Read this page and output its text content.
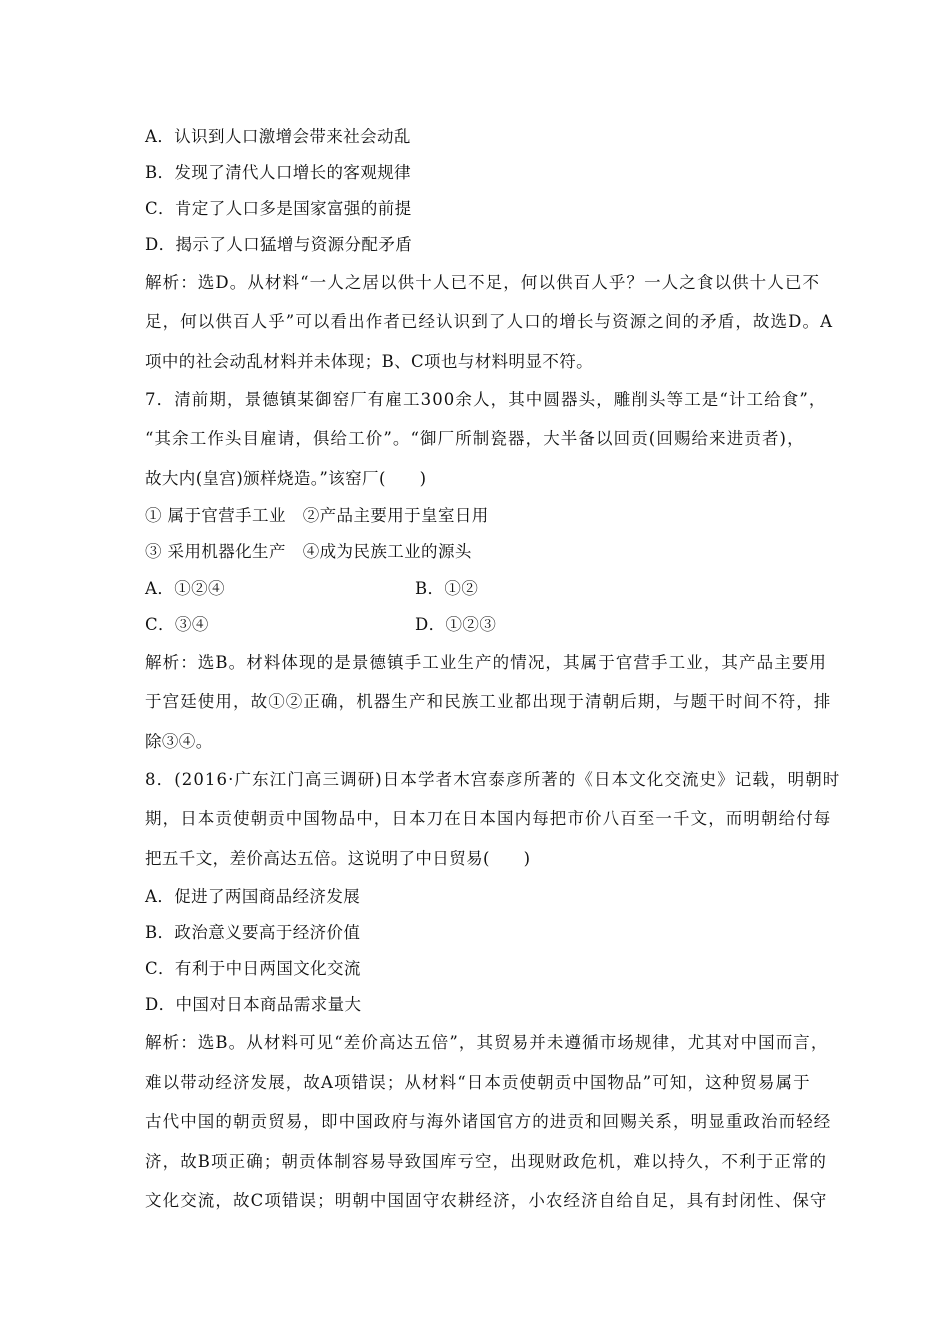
A．认识到人口激增会带来社会动乱
B．发现了清代人口增长的客观规律
C．肯定了人口多是国家富强的前提
D．揭示了人口猛增与资源分配矛盾
解析：选D。从材料“一人之居以供十人已不足，何以供百人乎？一人之食以供十人已不
足，何以供百人乎”可以看出作者已经认识到了人口的增长与资源之间的矛盾，故选D。A
项中的社会动乱材料并未体现；B、C项也与材料明显不符。
7．清前期，景德镇某御窑厂有雇工300余人，其中圆器头，雕削头等工是“计工给食”，
“其余工作头目雇请，俱给工价”。“御厂所制瓷器，大半备以回贡(回赐给来进贡者)，
故大内(皇宫)颁样烧造。”该窑厂(　　)
① 属于官营手工业　②产品主要用于皇室日用
③ 采用机器化生产　④成为民族工业的源头
A．①②④	B．①②
C．③④	D．①②③
解析：选B。材料体现的是景德镇手工业生产的情况，其属于官营手工业，其产品主要用
于宫廷使用，故①②正确，机器生产和民族工业都出现于清朝后期，与题干时间不符，排
除③④。
8．(2016·广东江门高三调研)日本学者木宫泰彦所著的《日本文化交流史》记载，明朝时
期，日本贡使朝贡中国物品中，日本刀在日本国内每把市价八百至一千文，而明朝给付每
把五千文，差价高达五倍。这说明了中日贸易(　　)
A．促进了两国商品经济发展
B．政治意义要高于经济价值
C．有利于中日两国文化交流
D．中国对日本商品需求量大
解析：选B。从材料可见“差价高达五倍”，其贸易并未遵循市场规律，尤其对中国而言，
难以带动经济发展，故A项错误；从材料“日本贡使朝贡中国物品”可知，这种贸易属于
古代中国的朝贡贸易，即中国政府与海外诸国官方的进贡和回赐关系，明显重政治而轻经
济，故B项正确；朝贡体制容易导致国库亏空，出现财政危机，难以持久，不利于正常的
文化交流，故C项错误；明朝中国固守农耕经济，小农经济自给自足，具有封闭性、保守
